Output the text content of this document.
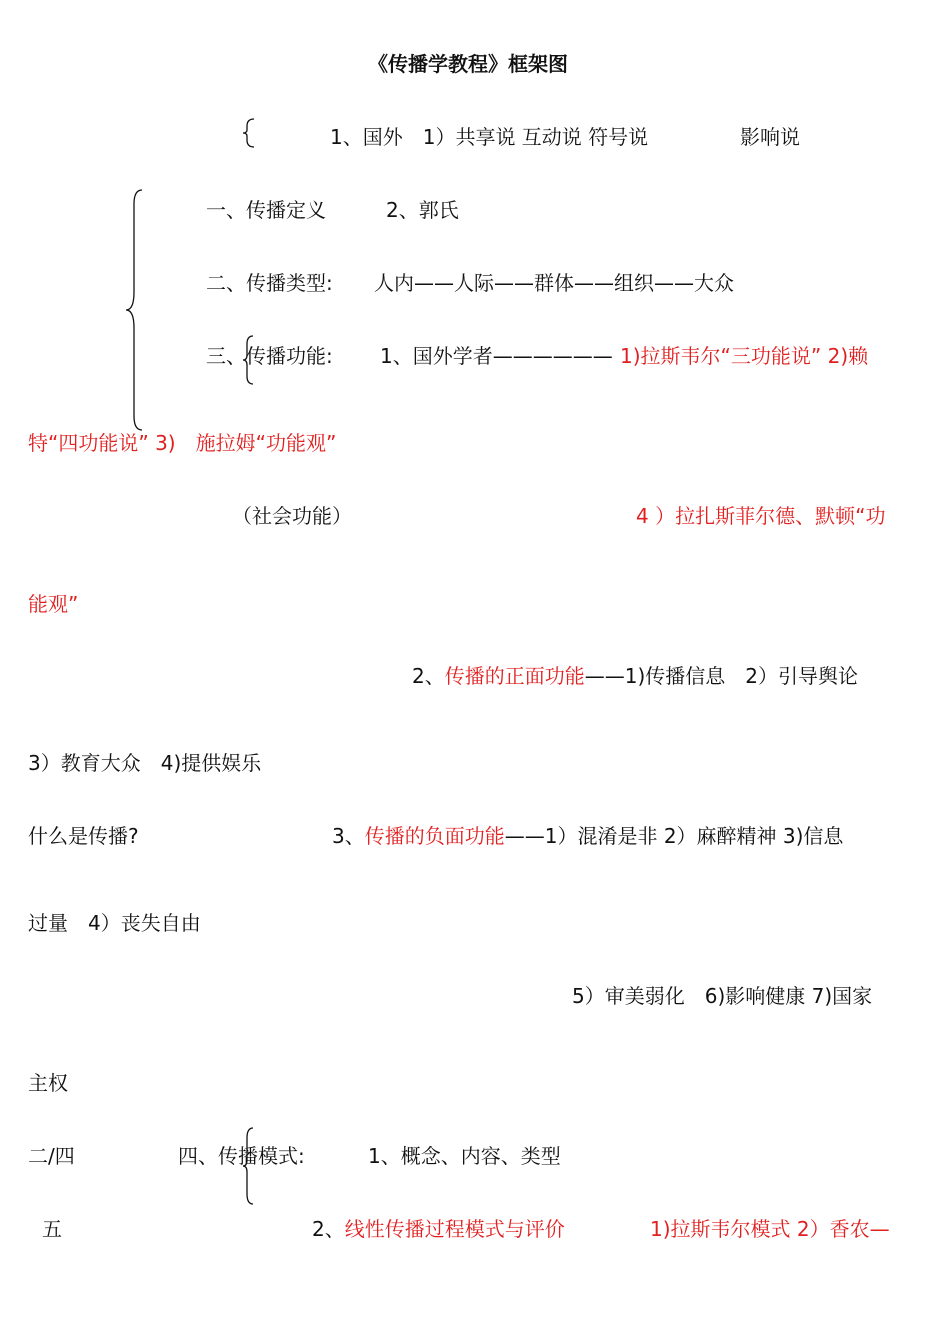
《传播学教程》框架图
1、国外　1）共享说 互动说 符号说	影响说
一、传播定义	2、郭氏
二、传播类型: 人内——人际——群体——组织——大众
三、传播功能: 1、国外学者—————— 1)拉斯韦尔“三功能说” 2)赖
特“四功能说” 3)　施拉姆“功能观”
（社会功能）	4 ）拉扎斯菲尔德、默顿“功
能观”
2、传播的正面功能——1)传播信息　2）引导舆论
3）教育大众　4)提供娱乐
什么是传播?	3、传播的负面功能——1）混淆是非 2）麻醉精神 3)信息
过量　4）丧失自由
5）审美弱化　6)影响健康 7)国家
主权
二/四	四、传播模式:	1、概念、内容、类型
五	2、线性传播过程模式与评价	1)拉斯韦尔模式 2）香农—
